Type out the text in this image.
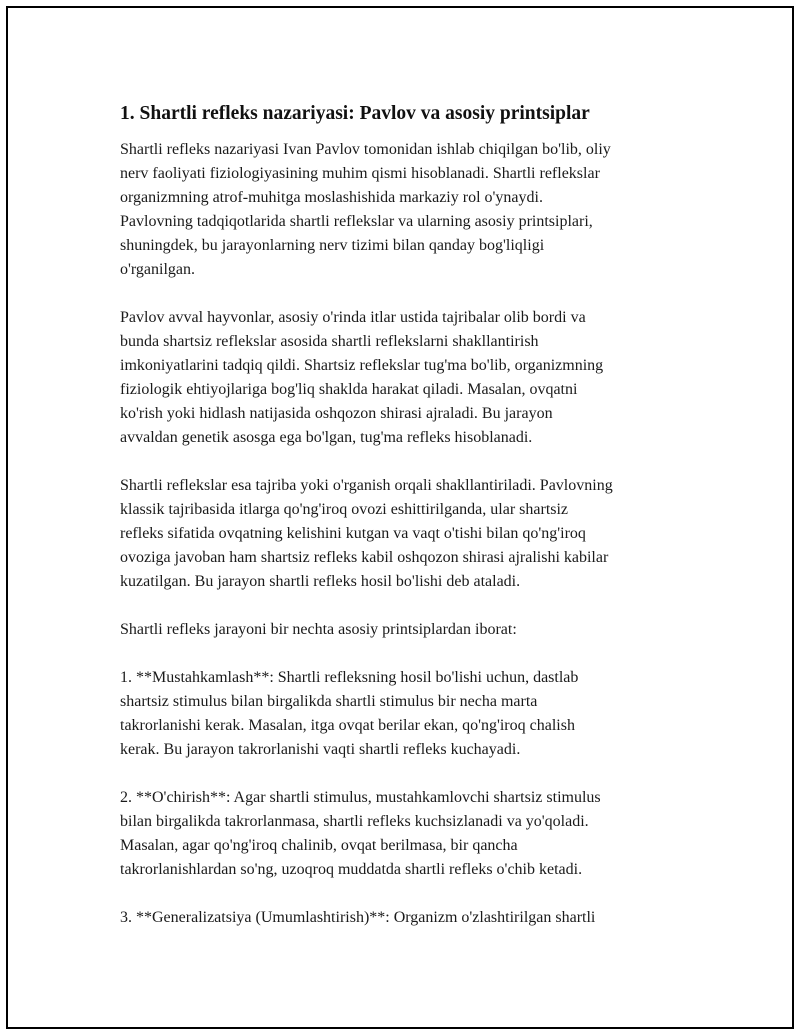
1. Shartli refleks nazariyasi: Pavlov va asosiy printsiplar

Shartli refleks nazariyasi Ivan Pavlov tomonidan ishlab chiqilgan bo'lib, oliy
nerv faoliyati fiziologiyasining muhim qismi hisoblanadi. Shartli reflekslar
organizmning atrof-muhitga moslashishida markaziy rol o'ynaydi.
Pavlovning tadqiqotlarida shartli reflekslar va ularning asosiy printsiplari,
shuningdek, bu jarayonlarning nerv tizimi bilan qanday bog'liqligi
o'rganilgan.

Pavlov avval hayvonlar, asosiy o'rinda itlar ustida tajribalar olib bordi va
bunda shartsiz reflekslar asosida shartli reflekslarni shakllantirish
imkoniyatlarini tadqiq qildi. Shartsiz reflekslar tug'ma bo'lib, organizmning
fiziologik ehtiyojlariga bog'liq shaklda harakat qiladi. Masalan, ovqatni
ko'rish yoki hidlash natijasida oshqozon shirasi ajraladi. Bu jarayon
avvaldan genetik asosga ega bo'lgan, tug'ma refleks hisoblanadi.

Shartli reflekslar esa tajriba yoki o'rganish orqali shakllantiriladi. Pavlovning
klassik tajribasida itlarga qo'ng'iroq ovozi eshittirilganda, ular shartsiz
refleks sifatida ovqatning kelishini kutgan va vaqt o'tishi bilan qo'ng'iroq
ovoziga javoban ham shartsiz refleks kabil oshqozon shirasi ajralishi kabilar
kuzatilgan. Bu jarayon shartli refleks hosil bo'lishi deb ataladi.

Shartli refleks jarayoni bir nechta asosiy printsiplardan iborat:

1. **Mustahkamlash**: Shartli refleksning hosil bo'lishi uchun, dastlab
shartsiz stimulus bilan birgalikda shartli stimulus bir necha marta
takrorlanishi kerak. Masalan, itga ovqat berilar ekan, qo'ng'iroq chalish
kerak. Bu jarayon takrorlanishi vaqti shartli refleks kuchayadi.

2. **O'chirish**: Agar shartli stimulus, mustahkamlovchi shartsiz stimulus
bilan birgalikda takrorlanmasa, shartli refleks kuchsizlanadi va yo'qoladi.
Masalan, agar qo'ng'iroq chalinib, ovqat berilmasa, bir qancha
takrorlanishlardan so'ng, uzoqroq muddatda shartli refleks o'chib ketadi.

3. **Generalizatsiya (Umumlashtirish)**: Organizm o'zlashtirilgan shartli
